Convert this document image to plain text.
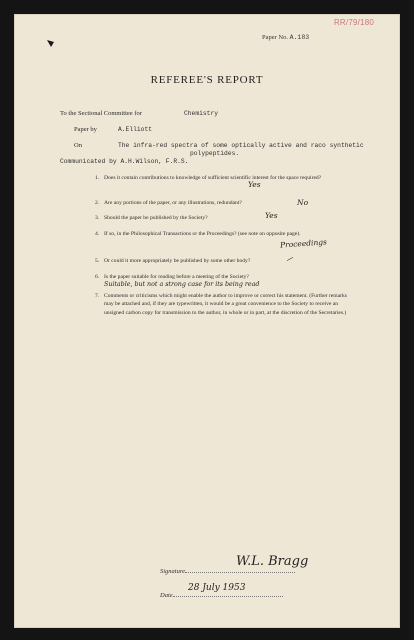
RR/79/180
Paper No. A.183
REFEREE'S REPORT
To the Sectional Committee for	Chemistry
Paper by	A.Elliott
On	The infra-red spectra of some optically active and raco synthetic
polypeptides.
Communicated by A.H.Wilson, F.R.S.
1. Does it contain contributions to knowledge of sufficient scientific interest for the space required?
Yes
2. Are any portions of the paper, or any illustrations, redundant?	No
3. Should the paper be published by the Society?	Yes
4. If so, in the Philosophical Transactions or the Proceedings? (see note on opposite page).
Proceedings
5. Or could it more appropriately be published by some other body?	—
6. Is the paper suitable for reading before a meeting of the Society?
Suitable, but not a strong case for its being read
7. Comments or criticisms which might enable the author to improve or correct his statement. (Further remarks may be attached and, if they are typewritten, it would be a great convenience to the Society to receive an unsigned carbon copy for transmission to the author, in whole or in part, at the discretion of the Secretaries.)
Signature
W.L. Bragg
Date
28 July 1953
